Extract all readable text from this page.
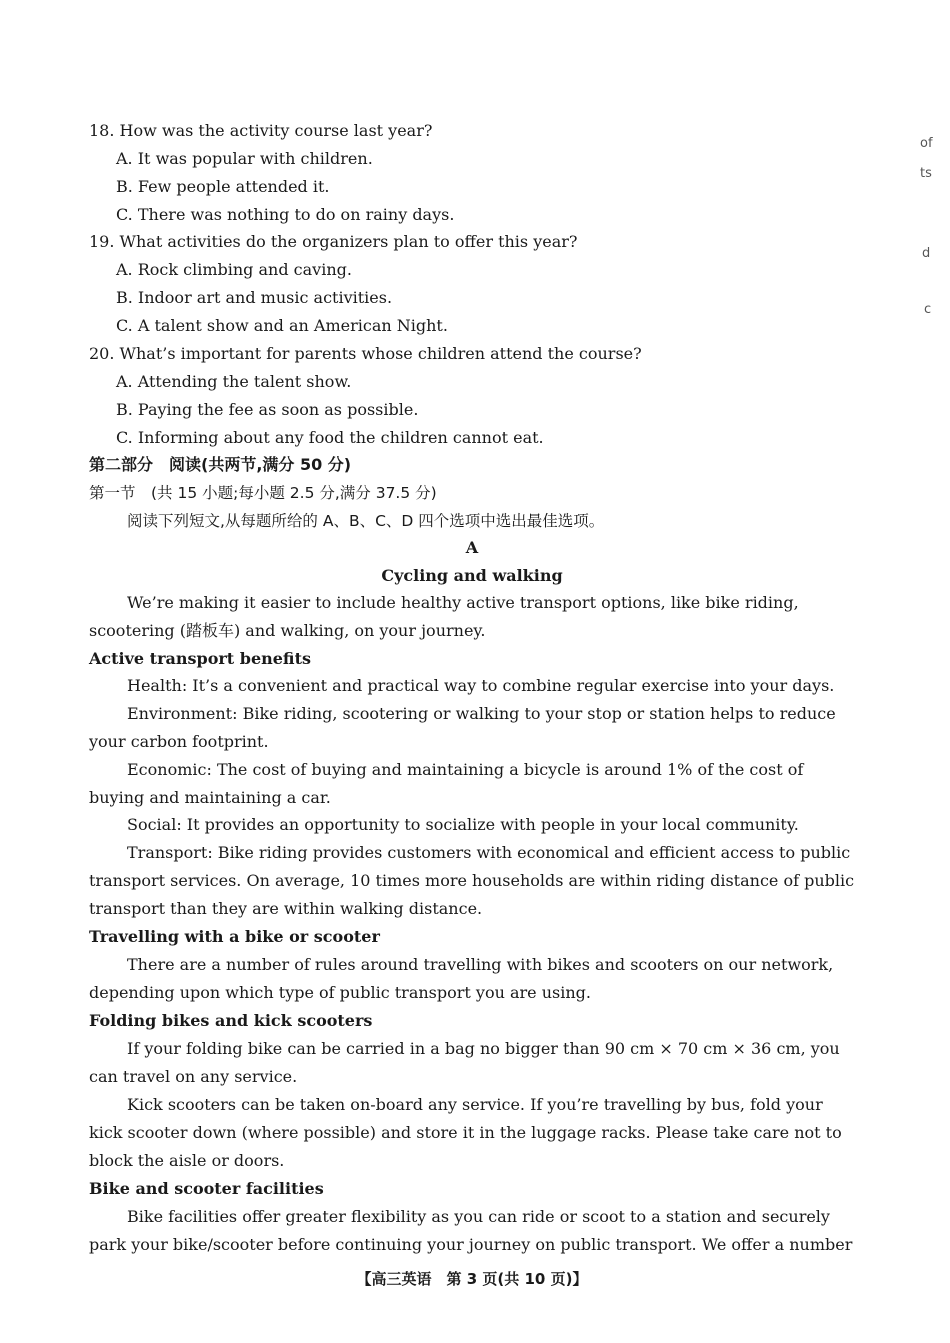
18. How was the activity course last year?
A. It was popular with children.
B. Few people attended it.
C. There was nothing to do on rainy days.
19. What activities do the organizers plan to offer this year?
A. Rock climbing and caving.
B. Indoor art and music activities.
C. A talent show and an American Night.
20. What’s important for parents whose children attend the course?
A. Attending the talent show.
B. Paying the fee as soon as possible.
C. Informing about any food the children cannot eat.
第二部分　阅读(共两节,满分 50 分)
第一节　(共 15 小题;每小题 2.5 分,满分 37.5 分)
阅读下列短文,从每题所给的 A、B、C、D 四个选项中选出最佳选项。
A
Cycling and walking
We’re making it easier to include healthy active transport options, like bike riding,
scootering (踏板车) and walking, on your journey.
Active transport benefits
Health: It’s a convenient and practical way to combine regular exercise into your days.
Environment: Bike riding, scootering or walking to your stop or station helps to reduce
your carbon footprint.
Economic: The cost of buying and maintaining a bicycle is around 1% of the cost of
buying and maintaining a car.
Social: It provides an opportunity to socialize with people in your local community.
Transport: Bike riding provides customers with economical and efficient access to public
transport services. On average, 10 times more households are within riding distance of public
transport than they are within walking distance.
Travelling with a bike or scooter
There are a number of rules around travelling with bikes and scooters on our network,
depending upon which type of public transport you are using.
Folding bikes and kick scooters
If your folding bike can be carried in a bag no bigger than 90 cm × 70 cm × 36 cm, you
can travel on any service.
Kick scooters can be taken on-board any service. If you’re travelling by bus, fold your
kick scooter down (where possible) and store it in the luggage racks. Please take care not to
block the aisle or doors.
Bike and scooter facilities
Bike facilities offer greater flexibility as you can ride or scoot to a station and securely
park your bike/scooter before continuing your journey on public transport. We offer a number
【高三英语　第 3 页(共 10 页)】
of
ts
d
c
